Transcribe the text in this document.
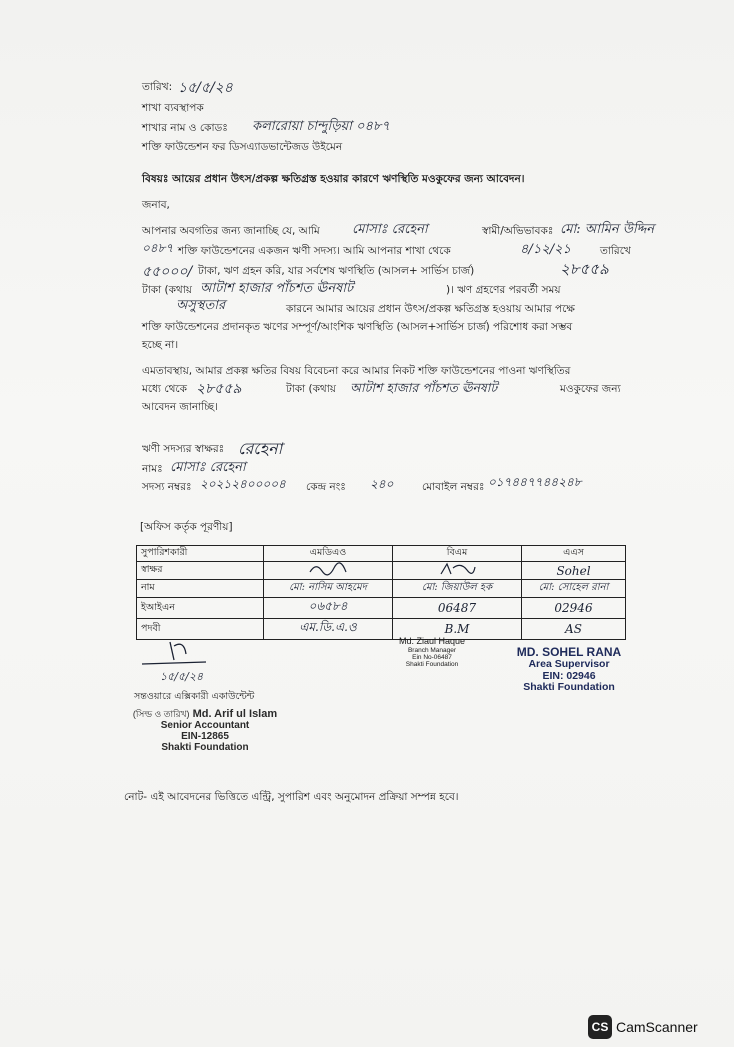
তারিখ: ১৫/৫/২৪
শাখা ব্যবস্থাপক
শাখার নাম ও কোডঃ কলারোয়া চান্দুড়িয়া ০৪৮৭
শক্তি ফাউন্ডেশন ফর ডিসএ্যাডভান্টেজড উইমেন
বিষয়ঃ আয়ের প্রধান উৎস/প্রকল্প ক্ষতিগ্রস্ত হওয়ার কারণে ঋণস্থিতি মওকুফের জন্য আবেদন।
জনাব,
আপনার অবগতির জন্য জানাচ্ছি যে, আমি মোসাঃ রেহেনা	স্বামী/অভিভাবকঃ মো: আমিন উদ্দিন
০৪৮৭ শক্তি ফাউন্ডেশনের একজন ঋণী সদস্য। আমি আপনার শাখা থেকে	৪/১২/২১	তারিখে
৫৫০০০/ টাকা, ঋণ গ্রহন করি, যার সর্বশেষ ঋণস্থিতি (আসল+ সার্ভিস চার্জ)	২৮৫৫৯
টাকা (কথায় আটাশ হাজার পাঁচশত ঊনষাট	)। ঋণ গ্রহণের পরবর্তী সময়
অসুস্থতার	কারনে আমার আয়ের প্রধান উৎস/প্রকল্প ক্ষতিগ্রস্ত হওয়ায় আমার পক্ষে
শক্তি ফাউন্ডেশনের প্রদানকৃত ঋণের সম্পূর্ণ/আংশিক ঋণস্থিতি (আসল+সার্ভিস চার্জ) পরিশোধ করা সম্ভব
হচ্ছে না।
এমতাবস্থায়, আমার প্রকল্প ক্ষতির বিষয় বিবেচনা করে আমার নিকট শক্তি ফাউন্ডেশনের পাওনা ঋণস্থিতির
মধ্যে থেকে ২৮৫৫৯	টাকা (কথায় আটাশ হাজার পাঁচশত ঊনষাট	মওকুফের জন্য
আবেদন জানাচ্ছি।
ঋণী সদস্যর স্বাক্ষরঃ রেহেনা
নামঃ মোসাঃ রেহেনা
সদস্য নম্বরঃ ২০২১২৪০০০০৪ কেন্দ্র নংঃ ২৪০	মোবাইল নম্বরঃ ০১৭৪৪৭৭৪৪২৪৮
[অফিস কর্তৃক পূরণীয়]
সুপারিশকারী	এমডিএও	বিএম	এএস
স্বাক্ষর			Sohel
নাম	মো: নাসিম আহমেদ	মো: জিয়াউল হক	মো: সোহেল রানা
ইআইএন	০৬৫৮৪	06487	02946
পদবী	এম.ডি.এ.ও	B.M	AS
Md. Ziaul Haque
Branch Manager
Ein No-06487
Shakti Foundation
MD. SOHEL RANA
Area Supervisor
EIN: 02946
Shakti Foundation
১৫/৫/২৪
সন্তওয়ারে এক্সিকারী একাউন্টেন্ট
(সিল্ড ও তারিখ) Md. Arif ul Islam
Senior Accountant
EIN-12865
Shakti Foundation
নোট- এই আবেদনের ভিত্তিতে এন্ট্রি, সুপারিশ এবং অনুমোদন প্রক্রিয়া সম্পন্ন হবে।
CS CamScanner
